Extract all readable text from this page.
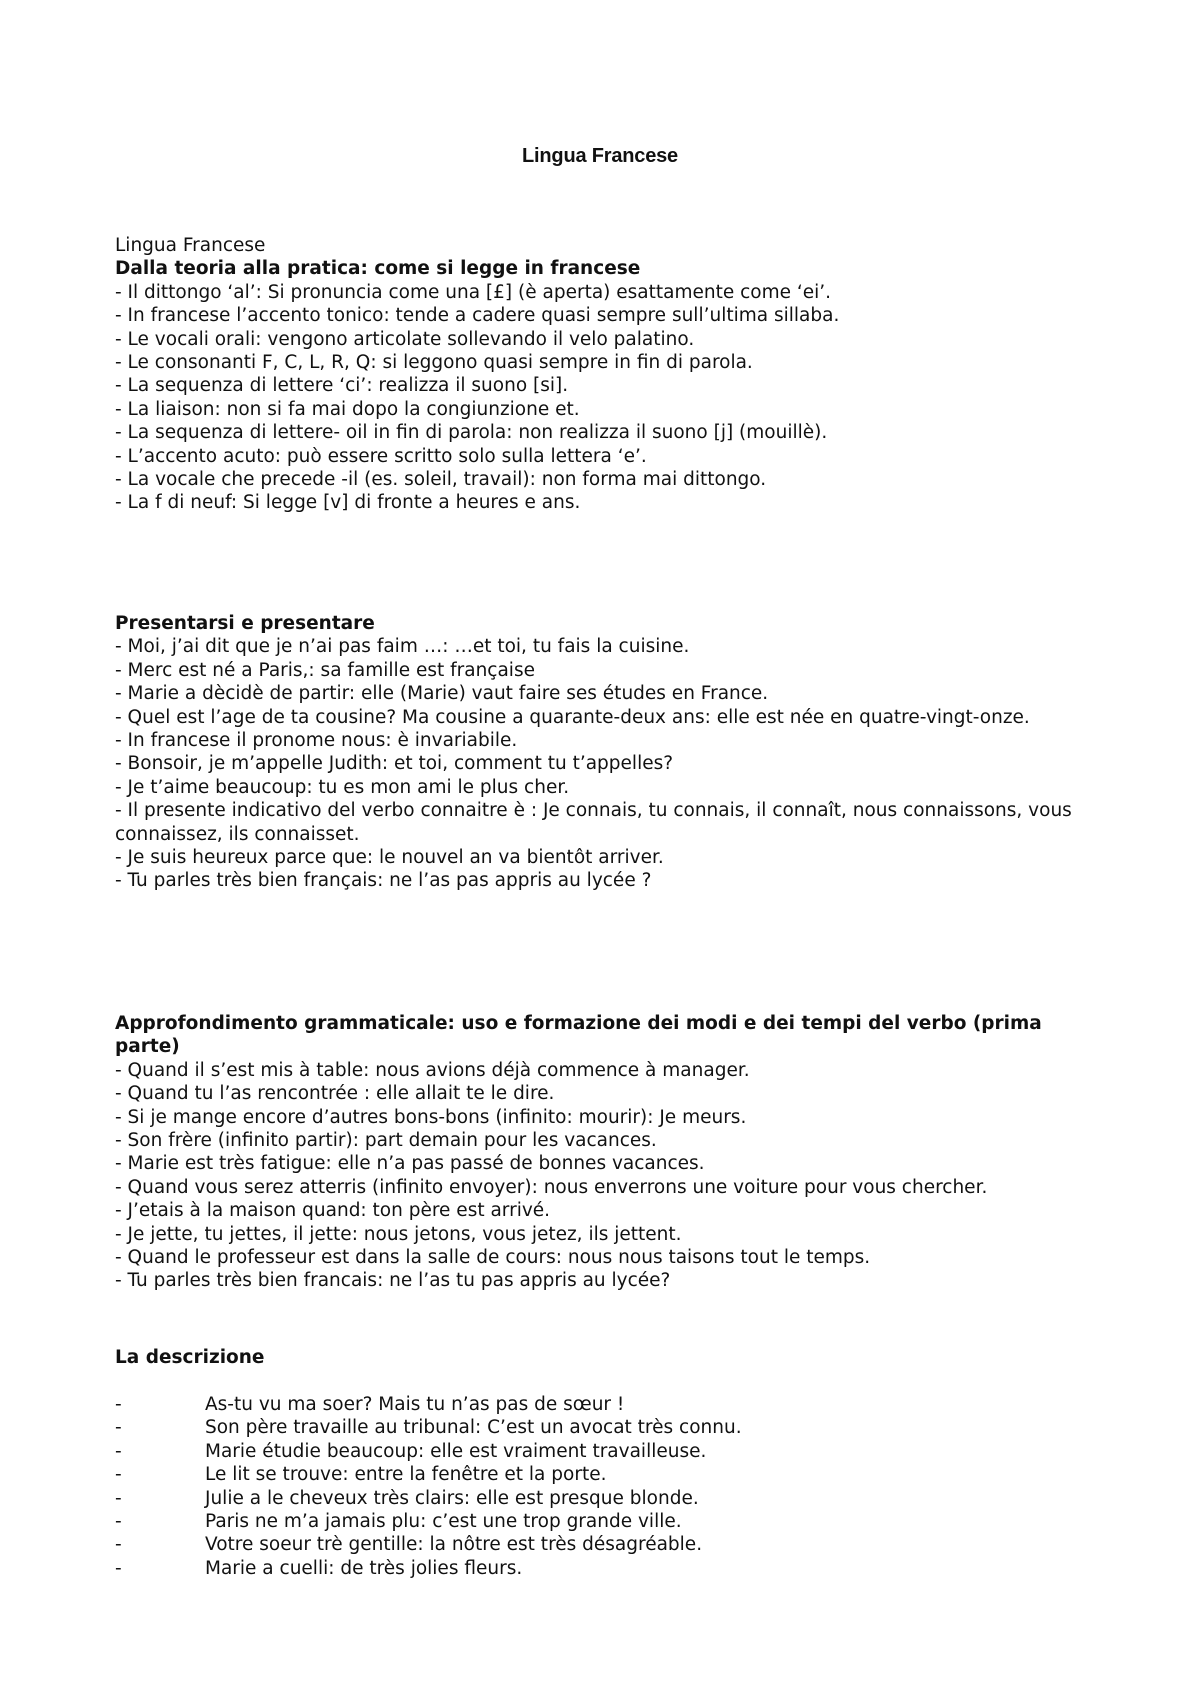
Lingua Francese

Lingua Francese

Dalla teoria alla pratica: come si legge in francese

- Il dittongo ‘al’: Si pronuncia come una [£] (è aperta) esattamente come ‘ei’.

- In francese l’accento tonico: tende a cadere quasi sempre sull’ultima sillaba.

- Le vocali orali: vengono articolate sollevando il velo palatino.

- Le consonanti F, C, L, R, Q: si leggono quasi sempre in fin di parola.

- La sequenza di lettere ‘ci’: realizza il suono [si].

- La liaison: non si fa mai dopo la congiunzione et.

- La sequenza di lettere- oil in fin di parola: non realizza il suono [j] (mouillè).

- L’accento acuto: può essere scritto solo sulla lettera ‘e’.

- La vocale che precede -il (es. soleil, travail): non forma mai dittongo.

- La f di neuf: Si legge [v] di fronte a heures e ans.

Presentarsi e presentare

- Moi, j’ai dit que je n’ai pas faim …: …et toi, tu fais la cuisine.

- Merc est né a Paris,: sa famille est française

- Marie a dècidè de partir: elle (Marie) vaut faire ses études en France.

- Quel est l’age de ta cousine? Ma cousine a quarante-deux ans: elle est née en quatre-vingt-onze.

- In francese il pronome nous: è invariabile.

- Bonsoir, je m’appelle Judith: et toi, comment tu t’appelles?

- Je t’aime beaucoup: tu es mon ami le plus cher.

- Il presente indicativo del verbo connaitre è : Je connais, tu connais, il connaît, nous connaissons, vous connaissez, ils connaisset.

- Je suis heureux parce que: le nouvel an va bientôt arriver.

- Tu parles très bien français: ne l’as pas appris au lycée ?

Approfondimento grammaticale: uso e formazione dei modi e dei tempi del verbo (prima parte)

- Quand il s’est mis à table: nous avions déjà commence à manager.

- Quand tu l’as rencontrée : elle allait te le dire.

- Si je mange encore d’autres bons-bons (infinito: mourir): Je meurs.

- Son frère (infinito partir): part demain pour les vacances.

- Marie est très fatigue: elle n’a pas passé de bonnes vacances.

- Quand vous serez atterris (infinito envoyer): nous enverrons une voiture pour vous chercher.

- J’etais à la maison quand: ton père est arrivé.

- Je jette, tu jettes, il jette: nous jetons, vous jetez, ils jettent.

- Quand le professeur est dans la salle de cours: nous nous taisons tout le temps.

- Tu parles très bien francais: ne l’as tu pas appris au lycée?

La descrizione

-	As-tu vu ma soer? Mais tu n’as pas de sœur !
-	Son père travaille au tribunal: C’est un avocat très connu.
-	Marie étudie beaucoup: elle est vraiment travailleuse.
-	Le lit se trouve: entre la fenêtre et la porte.
-	Julie a le cheveux très clairs: elle est presque blonde.
-	Paris ne m’a jamais plu: c’est une trop grande ville.
-	Votre soeur trè gentille: la nôtre est très désagréable.
-	Marie a cuelli: de très jolies fleurs.
